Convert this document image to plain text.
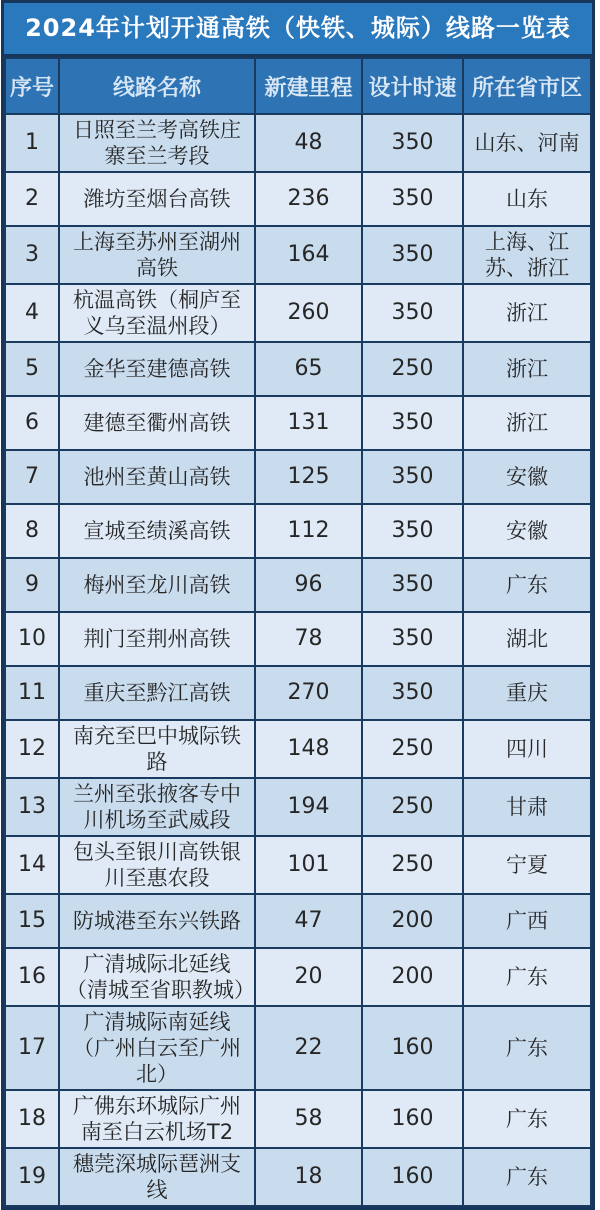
2024年计划开通高铁（快铁、城际）线路一览表
序号	线路名称	新建里程	设计时速	所在省市区
1	日照至兰考高铁庄寨至兰考段	48	350	山东、河南
2	潍坊至烟台高铁	236	350	山东
3	上海至苏州至湖州高铁	164	350	上海、江苏、浙江
4	杭温高铁（桐庐至义乌至温州段）	260	350	浙江
5	金华至建德高铁	65	250	浙江
6	建德至衢州高铁	131	350	浙江
7	池州至黄山高铁	125	350	安徽
8	宣城至绩溪高铁	112	350	安徽
9	梅州至龙川高铁	96	350	广东
10	荆门至荆州高铁	78	350	湖北
11	重庆至黔江高铁	270	350	重庆
12	南充至巴中城际铁路	148	250	四川
13	兰州至张掖客专中川机场至武威段	194	250	甘肃
14	包头至银川高铁银川至惠农段	101	250	宁夏
15	防城港至东兴铁路	47	200	广西
16	广清城际北延线（清城至省职教城）	20	200	广东
17	广清城际南延线（广州白云至广州北）	22	160	广东
18	广佛东环城际广州南至白云机场T2	58	160	广东
19	穗莞深城际琶洲支线	18	160	广东
